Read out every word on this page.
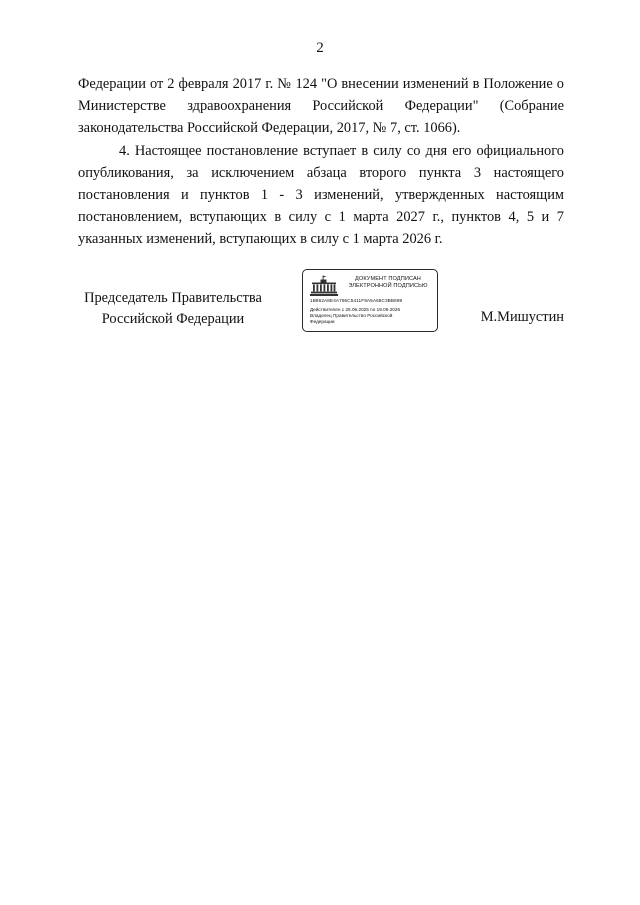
2

Федерации от 2 февраля 2017 г. № 124 "О внесении изменений в Положение о Министерстве здравоохранения Российской Федерации" (Собрание законодательства Российской Федерации, 2017, № 7, ст. 1066).

4. Настоящее постановление вступает в силу со дня его официального опубликования, за исключением абзаца второго пункта 3 настоящего постановления и пунктов 1 - 3 изменений, утвержденных настоящим постановлением, вступающих в силу с 1 марта 2027 г., пунктов 4, 5 и 7 указанных изменений, вступающих в силу с 1 марта 2026 г.

Председатель Правительства
Российской Федерации
ДОКУМЕНТ ПОДПИСАН
ЭЛЕКТРОННОЙ ПОДПИСЬЮ
1B862A8E4A796C5411F9A5A68C3BB699
Действителен с 26.06.2025 по 19.09.2026
Владелец Правительство Российской
Федерации	М.Мишустин
